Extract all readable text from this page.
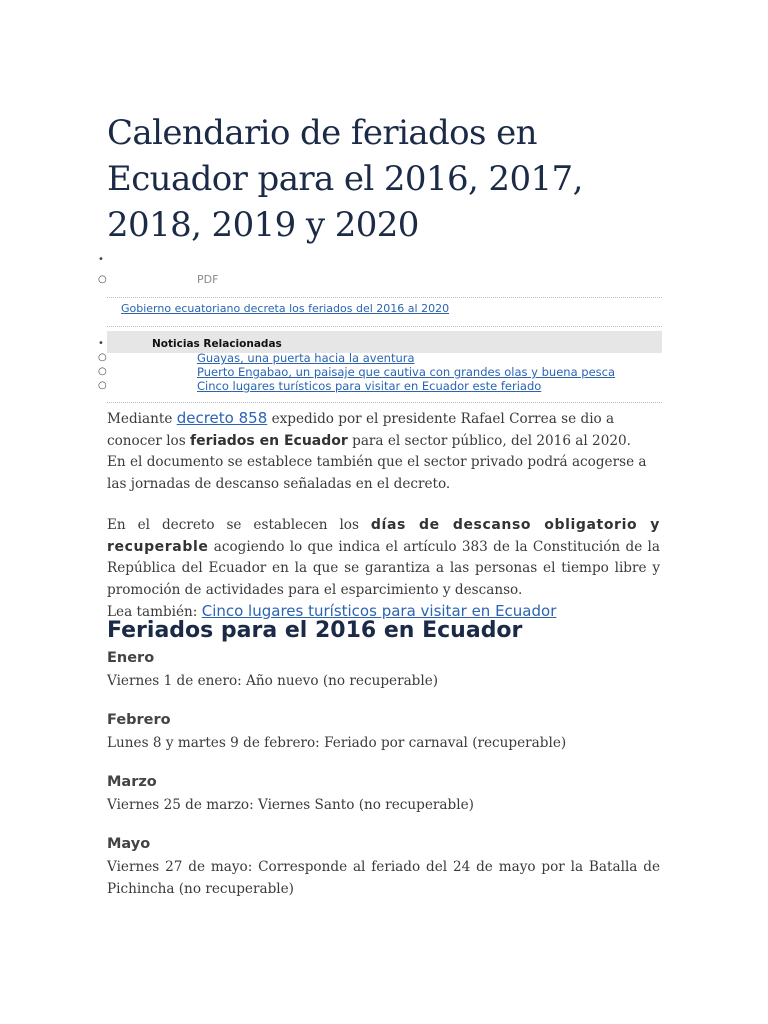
Calendario de feriados en Ecuador para el 2016, 2017, 2018, 2019 y 2020
•
○	PDF
Gobierno ecuatoriano decreta los feriados del 2016 al 2020
•	Noticias Relacionadas
○	Guayas, una puerta hacia la aventura
○	Puerto Engabao, un paisaje que cautiva con grandes olas y buena pesca
○	Cinco lugares turísticos para visitar en Ecuador este feriado

Mediante decreto 858 expedido por el presidente Rafael Correa se dio a conocer los feriados en Ecuador para el sector público, del 2016 al 2020.

En el documento se establece también que el sector privado podrá acogerse a las jornadas de descanso señaladas en el decreto.

En el decreto se establecen los días de descanso obligatorio y recuperable acogiendo lo que indica el artículo 383 de la Constitución de la República del Ecuador en la que se garantiza a las personas el tiempo libre y promoción de actividades para el esparcimiento y descanso.

Lea también: Cinco lugares turísticos para visitar en Ecuador

Feriados para el 2016 en Ecuador
Enero

Viernes 1 de enero: Año nuevo (no recuperable)

Febrero

Lunes 8 y martes 9 de febrero: Feriado por carnaval (recuperable)

Marzo

Viernes 25 de marzo: Viernes Santo (no recuperable)

Mayo

Viernes 27 de mayo: Corresponde al feriado del 24 de mayo por la Batalla de Pichincha (no recuperable)
